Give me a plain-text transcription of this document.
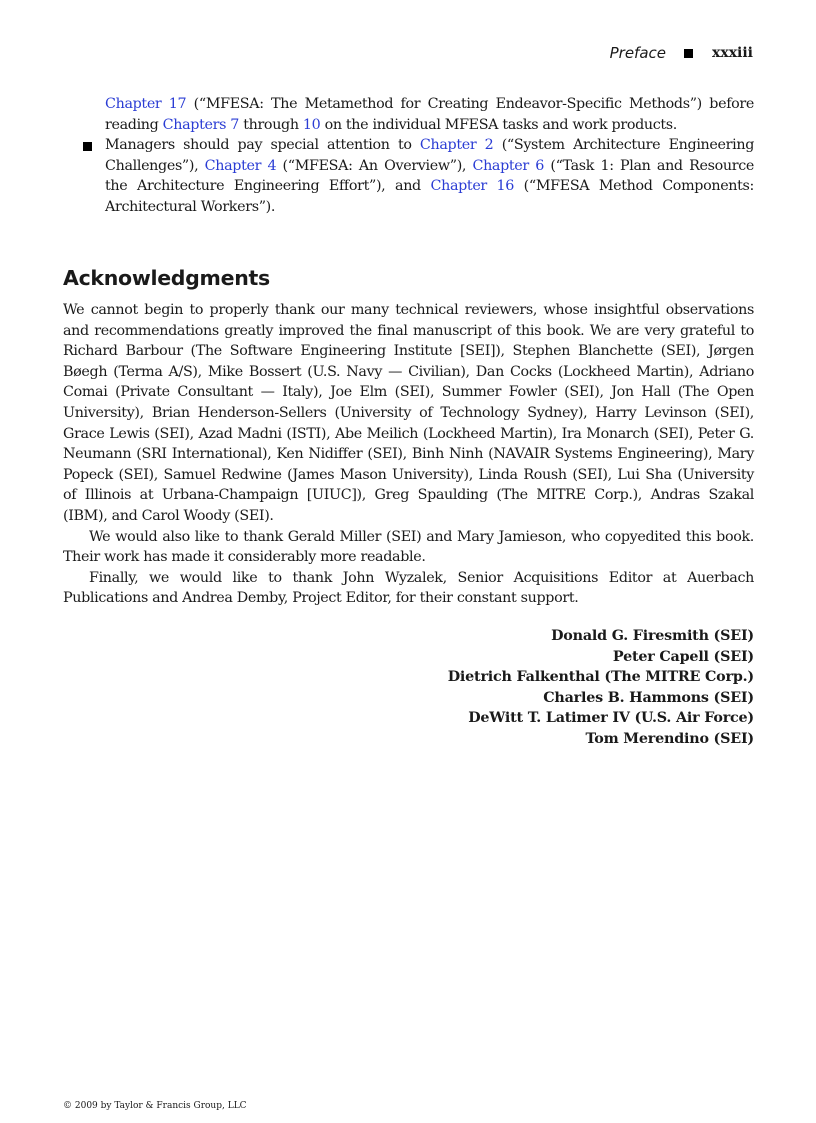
Preface	xxxiii
Chapter 17 (“MFESA: The Metamethod for Creating Endeavor-Specific Methods”) before reading Chapters 7 through 10 on the individual MFESA tasks and work products.
Managers should pay special attention to Chapter 2 (“System Architecture Engineering Challenges”), Chapter 4 (“MFESA: An Overview”), Chapter 6 (“Task 1: Plan and Resource the Architecture Engineering Effort”), and Chapter 16 (“MFESA Method Components: Architectural Workers”).
Acknowledgments

We cannot begin to properly thank our many technical reviewers, whose insightful observations and recommendations greatly improved the final manuscript of this book. We are very grateful to Richard Barbour (The Software Engineering Institute [SEI]), Stephen Blanchette (SEI), Jørgen Bøegh (Terma A/S), Mike Bossert (U.S. Navy — Civilian), Dan Cocks (Lockheed Martin), Adriano Comai (Private Consultant — Italy), Joe Elm (SEI), Summer Fowler (SEI), Jon Hall (The Open University), Brian Henderson-Sellers (University of Technology Sydney), Harry Levinson (SEI), Grace Lewis (SEI), Azad Madni (ISTI), Abe Meilich (Lockheed Martin), Ira Monarch (SEI), Peter G. Neumann (SRI International), Ken Nidiffer (SEI), Binh Ninh (NAVAIR Systems Engineering), Mary Popeck (SEI), Samuel Redwine (James Mason University), Linda Roush (SEI), Lui Sha (University of Illinois at Urbana-Champaign [UIUC]), Greg Spaulding (The MITRE Corp.), Andras Szakal (IBM), and Carol Woody (SEI).

We would also like to thank Gerald Miller (SEI) and Mary Jamieson, who copyedited this book. Their work has made it considerably more readable.

Finally, we would like to thank John Wyzalek, Senior Acquisitions Editor at Auerbach Publications and Andrea Demby, Project Editor, for their constant support.

Donald G. Firesmith (SEI)
Peter Capell (SEI)
Dietrich Falkenthal (The MITRE Corp.)
Charles B. Hammons (SEI)
DeWitt T. Latimer IV (U.S. Air Force)
Tom Merendino (SEI)
© 2009 by Taylor & Francis Group, LLC
